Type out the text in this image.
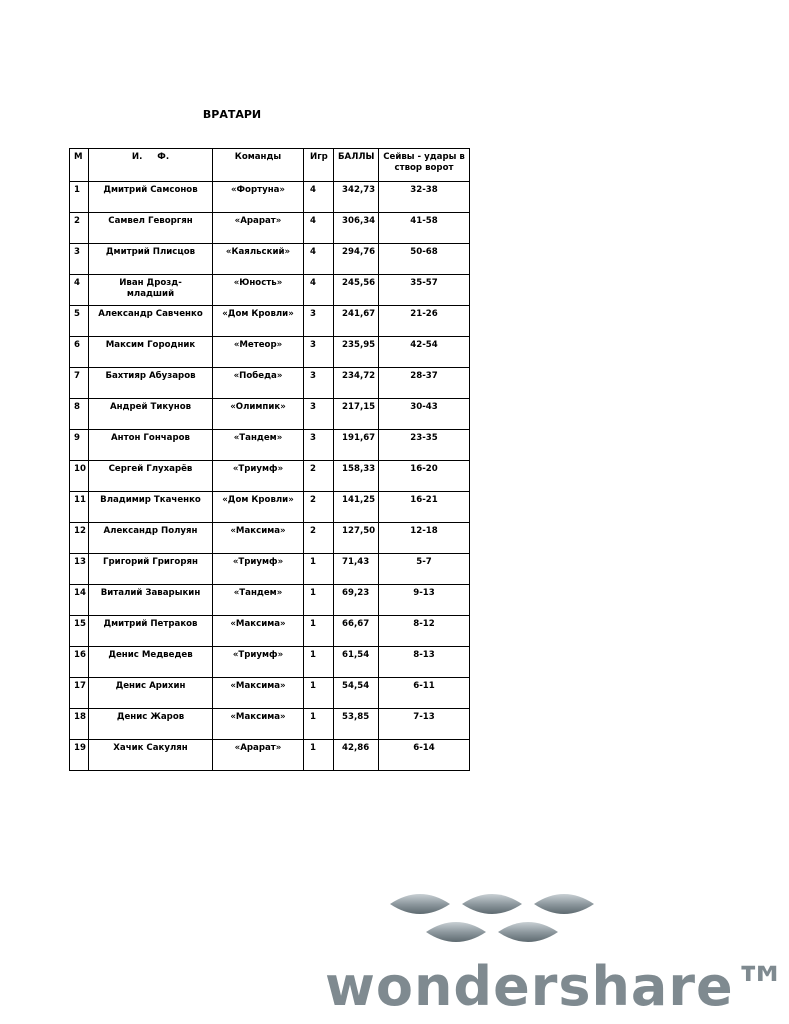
ВРАТАРИ
М	И.     Ф.	Команды	Игр	БАЛЛЫ	Сейвы - удары в створ ворот
1	Дмитрий Самсонов	«Фортуна»	4	342,73	32-38
2	Самвел Геворгян	«Арарат»	4	306,34	41-58
3	Дмитрий Плисцов	«Каяльский»	4	294,76	50-68
4	Иван Дрозд-младший	«Юность»	4	245,56	35-57
5	Александр Савченко	«Дом Кровли»	3	241,67	21-26
6	Максим Городник	«Метеор»	3	235,95	42-54
7	Бахтияр Абузаров	«Победа»	3	234,72	28-37
8	Андрей Тикунов	«Олимпик»	3	217,15	30-43
9	Антон Гончаров	«Тандем»	3	191,67	23-35
10	Сергей Глухарёв	«Триумф»	2	158,33	16-20
11	Владимир Ткаченко	«Дом Кровли»	2	141,25	16-21
12	Александр Полуян	«Максима»	2	127,50	12-18
13	Григорий Григорян	«Триумф»	1	71,43	5-7
14	Виталий Заварыкин	«Тандем»	1	69,23	9-13
15	Дмитрий Петраков	«Максима»	1	66,67	8-12
16	Денис Медведев	«Триумф»	1	61,54	8-13
17	Денис Арихин	«Максима»	1	54,54	6-11
18	Денис Жаров	«Максима»	1	53,85	7-13
19	Хачик Сакулян	«Арарат»	1	42,86	6-14
wondershare™
